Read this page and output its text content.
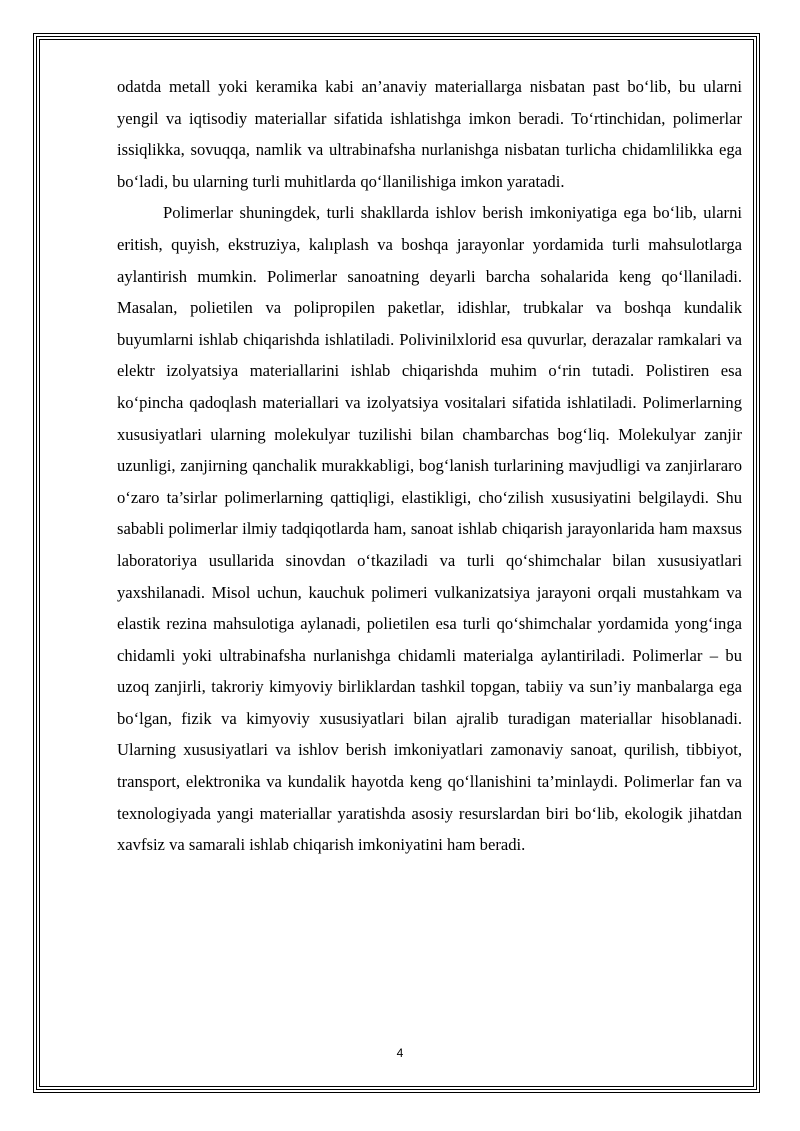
odatda metall yoki keramika kabi an’anaviy materiallarga nisbatan past bo‘lib, bu ularni yengil va iqtisodiy materiallar sifatida ishlatishga imkon beradi. To‘rtinchidan, polimerlar issiqlikka, sovuqqa, namlik va ultrabinafsha nurlanishga nisbatan turlicha chidamlilikka ega bo‘ladi, bu ularning turli muhitlarda qo‘llanilishiga imkon yaratadi.

Polimerlar shuningdek, turli shakllarda ishlov berish imkoniyatiga ega bo‘lib, ularni eritish, quyish, ekstruziya, kalıplash va boshqa jarayonlar yordamida turli mahsulotlarga aylantirish mumkin. Polimerlar sanoatning deyarli barcha sohalarida keng qo‘llaniladi. Masalan, polietilen va polipropilen paketlar, idishlar, trubkalar va boshqa kundalik buyumlarni ishlab chiqarishda ishlatiladi. Polivinilxlorid esa quvurlar, derazalar ramkalari va elektr izolyatsiya materiallarini ishlab chiqarishda muhim o‘rin tutadi. Polistiren esa ko‘pincha qadoqlash materiallari va izolyatsiya vositalari sifatida ishlatiladi. Polimerlarning xususiyatlari ularning molekulyar tuzilishi bilan chambarchas bog‘liq. Molekulyar zanjir uzunligi, zanjirning qanchalik murakkabligi, bog‘lanish turlarining mavjudligi va zanjirlararo o‘zaro ta’sirlar polimerlarning qattiqligi, elastikligi, cho‘zilish xususiyatini belgilaydi. Shu sababli polimerlar ilmiy tadqiqotlarda ham, sanoat ishlab chiqarish jarayonlarida ham maxsus laboratoriya usullarida sinovdan o‘tkaziladi va turli qo‘shimchalar bilan xususiyatlari yaxshilanadi. Misol uchun, kauchuk polimeri vulkanizatsiya jarayoni orqali mustahkam va elastik rezina mahsulotiga aylanadi, polietilen esa turli qo‘shimchalar yordamida yong‘inga chidamli yoki ultrabinafsha nurlanishga chidamli materialga aylantiriladi. Polimerlar – bu uzoq zanjirli, takroriy kimyoviy birliklardan tashkil topgan, tabiiy va sun’iy manbalarga ega bo‘lgan, fizik va kimyoviy xususiyatlari bilan ajralib turadigan materiallar hisoblanadi. Ularning xususiyatlari va ishlov berish imkoniyatlari zamonaviy sanoat, qurilish, tibbiyot, transport, elektronika va kundalik hayotda keng qo‘llanishini ta’minlaydi. Polimerlar fan va texnologiyada yangi materiallar yaratishda asosiy resurslardan biri bo‘lib, ekologik jihatdan xavfsiz va samarali ishlab chiqarish imkoniyatini ham beradi.

4
